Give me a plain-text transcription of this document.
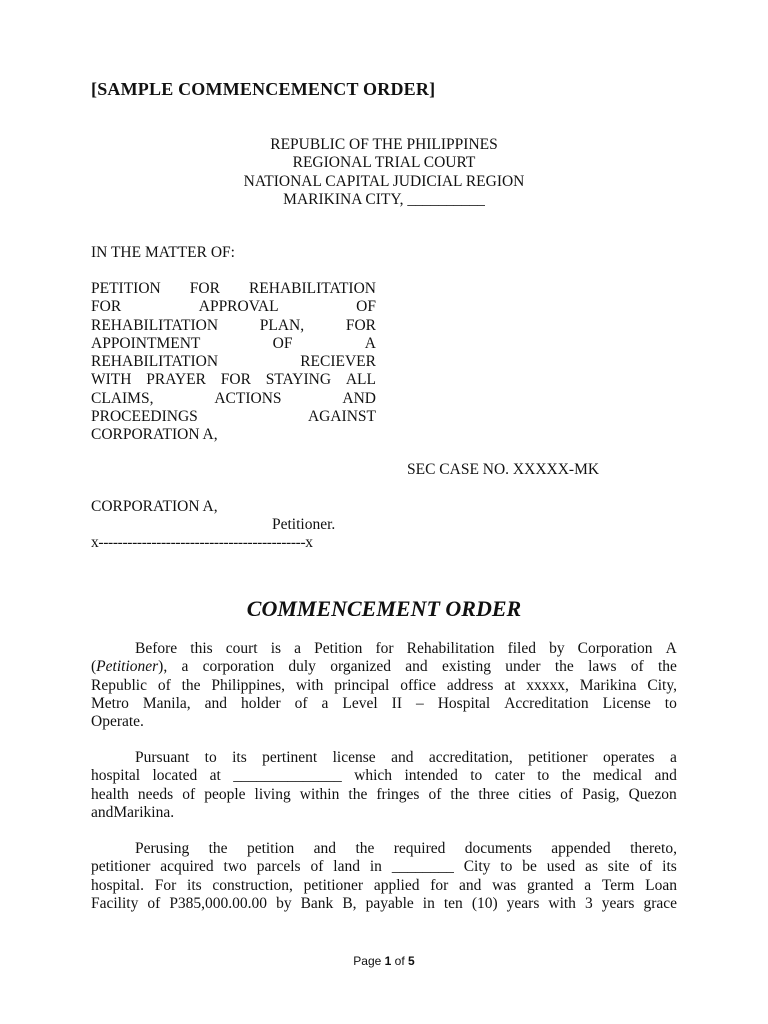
[SAMPLE COMMENCEMENCT ORDER]
REPUBLIC OF THE PHILIPPINES
REGIONAL TRIAL COURT
NATIONAL CAPITAL JUDICIAL REGION
MARIKINA CITY, __________
IN THE MATTER OF:
PETITION FOR REHABILITATION
FOR	APPROVAL	OF
REHABILITATION	PLAN,	FOR
APPOINTMENT	OF	A
REHABILITATION	RECIEVER
WITH PRAYER FOR STAYING ALL
CLAIMS,	ACTIONS	AND
PROCEEDINGS	AGAINST
CORPORATION A,
SEC CASE NO. XXXXX-MK
CORPORATION A,
Petitioner.
x-------------------------------------------x
COMMENCEMENT ORDER
Before this court is a Petition for Rehabilitation filed by Corporation A
(Petitioner), a corporation duly organized and existing under the laws of the
Republic of the Philippines, with principal office address at xxxxx, Marikina City,
Metro Manila, and holder of a Level II – Hospital Accreditation License to
Operate.
Pursuant to its pertinent license and accreditation, petitioner operates a
hospital located at ______________ which intended to cater to the medical and
health needs of people living within the fringes of the three cities of Pasig, Quezon
and Marikina.
Perusing the petition and the required documents appended thereto,
petitioner acquired two parcels of land in ________ City to be used as site of its
hospital. For its construction, petitioner applied for and was granted a Term Loan
Facility of P385,000.00.00 by Bank B, payable in ten (10) years with 3 years grace
Page 1 of 5
